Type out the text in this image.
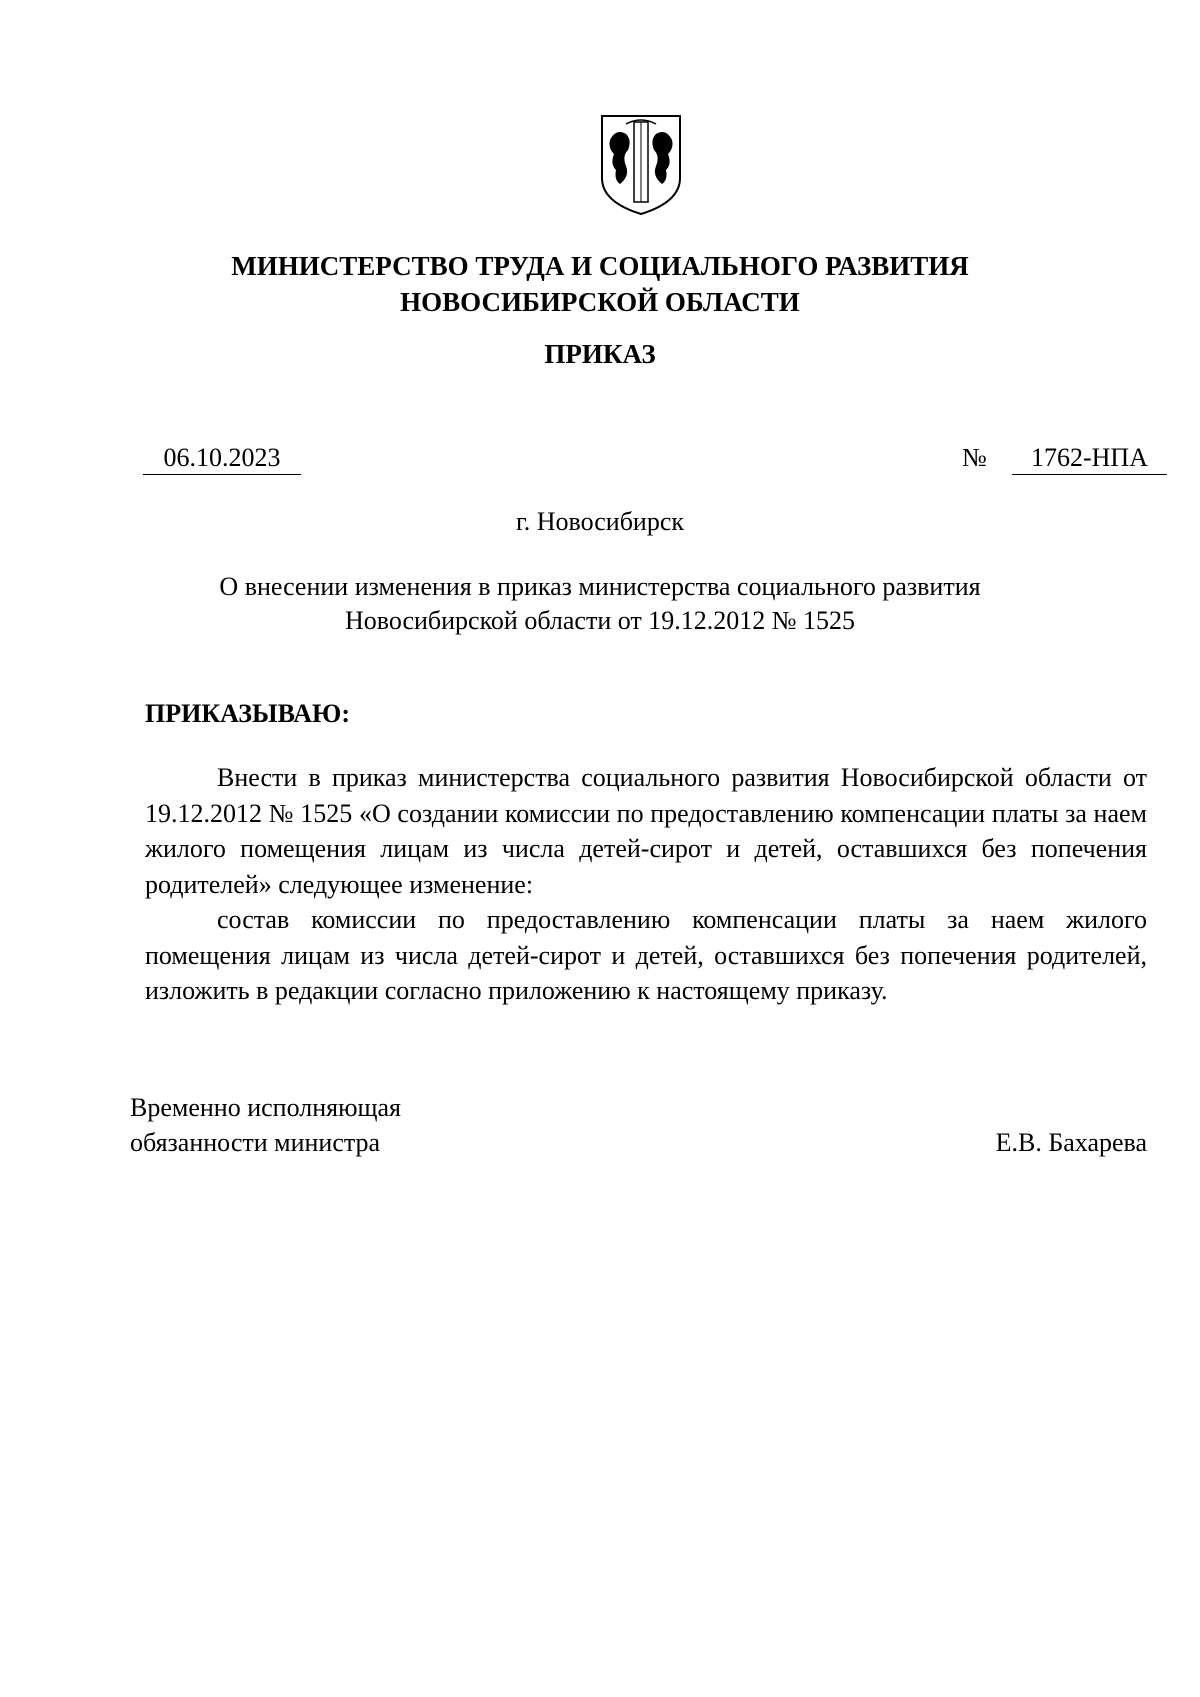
МИНИСТЕРСТВО ТРУДА И СОЦИАЛЬНОГО РАЗВИТИЯ
НОВОСИБИРСКОЙ ОБЛАСТИ
ПРИКАЗ
06.10.2023	№	1762-НПА
г. Новосибирск
О внесении изменения в приказ министерства социального развития
Новосибирской области от 19.12.2012 № 1525
ПРИКАЗЫВАЮ:

Внести в приказ министерства социального развития Новосибирской области от 19.12.2012 № 1525 «О создании комиссии по предоставлению компенсации платы за наем жилого помещения лицам из числа детей-сирот и детей, оставшихся без попечения родителей» следующее изменение:

состав комиссии по предоставлению компенсации платы за наем жилого помещения лицам из числа детей-сирот и детей, оставшихся без попечения родителей, изложить в редакции согласно приложению к настоящему приказу.

Временно исполняющая
обязанности министра	Е.В. Бахарева
